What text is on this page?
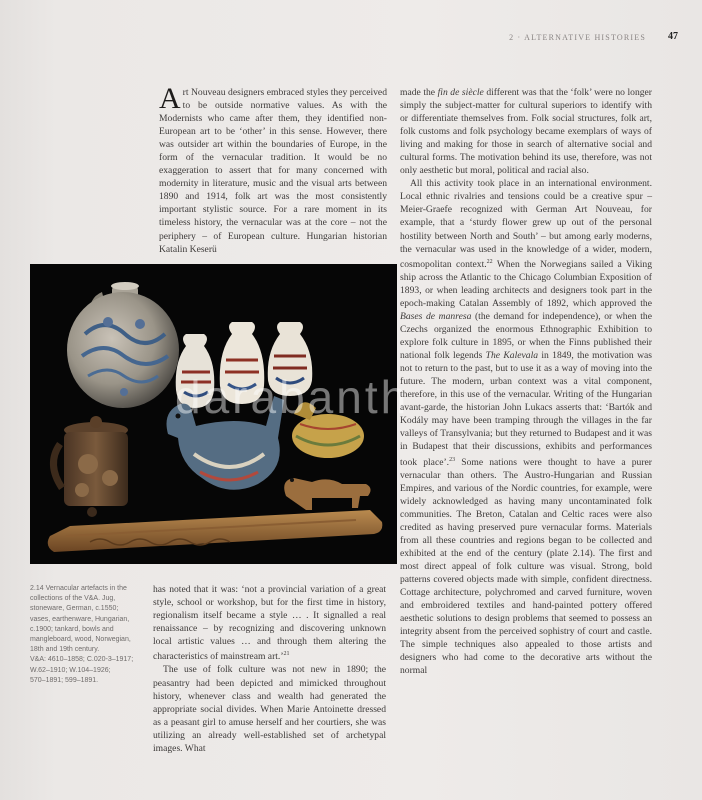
2 · ALTERNATIVE HISTORIES 47

Art Nouveau designers embraced styles they perceived to be outside normative values. As with the Modernists who came after them, they identified non-European art to be ‘other’ in this sense. However, there was outsider art within the boundaries of Europe, in the form of the vernacular tradition. It would be no exaggeration to assert that for many concerned with modernity in literature, music and the visual arts between 1890 and 1914, folk art was the most consistently important stylistic source. For a rare moment in its timeless history, the vernacular was at the core – not the periphery – of European culture. Hungarian historian Katalin Keserü

darabanth
2.14 Vernacular artefacts in the
collections of the V&A. Jug,
stoneware, German, c.1550;
vases, earthenware, Hungarian,
c.1900; tankard, bowls and
mangleboard, wood, Norwegian,
18th and 19th century.
V&A: 4610–1858; C.020-3–1917;
W.62–1910; W.104–1926;
570–1891; 599–1891.

has noted that it was: ‘not a provincial variation of a great style, school or workshop, but for the first time in history, regionalism itself became a style … . It signalled a real renaissance – by recognizing and discovering unknown local artistic values … and through them altering the characteristics of mainstream art.’$^{21}$

The use of folk culture was not new in 1890; the peasantry had been depicted and mimicked throughout history, whenever class and wealth had generated the appropriate social divides. When Marie Antoinette dressed as a peasant girl to amuse herself and her courtiers, she was utilizing an already well-established set of archetypal images. What

made the fin de siècle different was that the ‘folk’ were no longer simply the subject-matter for cultural superiors to identify with or differentiate themselves from. Folk social structures, folk art, folk customs and folk psychology became exemplars of ways of living and making for those in search of alternative social and cultural forms. The motivation behind its use, therefore, was not only aesthetic but moral, political and racial also.

All this activity took place in an international environment. Local ethnic rivalries and tensions could be a creative spur – Meier-Graefe recognized with German Art Nouveau, for example, that a ‘sturdy flower grew up out of the personal hostility between North and South’ – but among early moderns, the vernacular was used in the knowledge of a wider, modern, cosmopolitan context.$^{22}$ When the Norwegians sailed a Viking ship across the Atlantic to the Chicago Columbian Exposition of 1893, or when leading architects and designers took part in the epoch-making Catalan Assembly of 1892, which approved the Bases de manresa (the demand for independence), or when the Czechs organized the enormous Ethnographic Exhibition to explore folk culture in 1895, or when the Finns published their national folk legends The Kalevala in 1849, the motivation was not to return to the past, but to use it as a way of moving into the future. The modern, urban context was a vital component, therefore, in this use of the vernacular. Writing of the Hungarian avant-garde, the historian John Lukacs asserts that: ‘Bartók and Kodály may have been tramping through the villages in the far valleys of Transylvania; but they returned to Budapest and it was in Budapest that their discussions, exhibits and performances took place’.$^{23}$ Some nations were thought to have a purer vernacular than others. The Austro-Hungarian and Russian Empires, and various of the Nordic countries, for example, were widely acknowledged as having many uncontaminated folk communities. The Breton, Catalan and Celtic races were also credited as having preserved pure vernacular forms. Materials from all these countries and regions began to be collected and exhibited at the end of the century (plate 2.14). The first and most direct appeal of folk culture was visual. Strong, bold patterns covered objects made with simple, confident directness. Cottage architecture, polychromed and carved furniture, woven and embroidered textiles and hand-painted pottery offered aesthetic solutions to design problems that seemed to possess an integrity absent from the perceived sophistry of court and castle. The simple techniques also appealed to those artists and designers who had come to the decorative arts without the normal
